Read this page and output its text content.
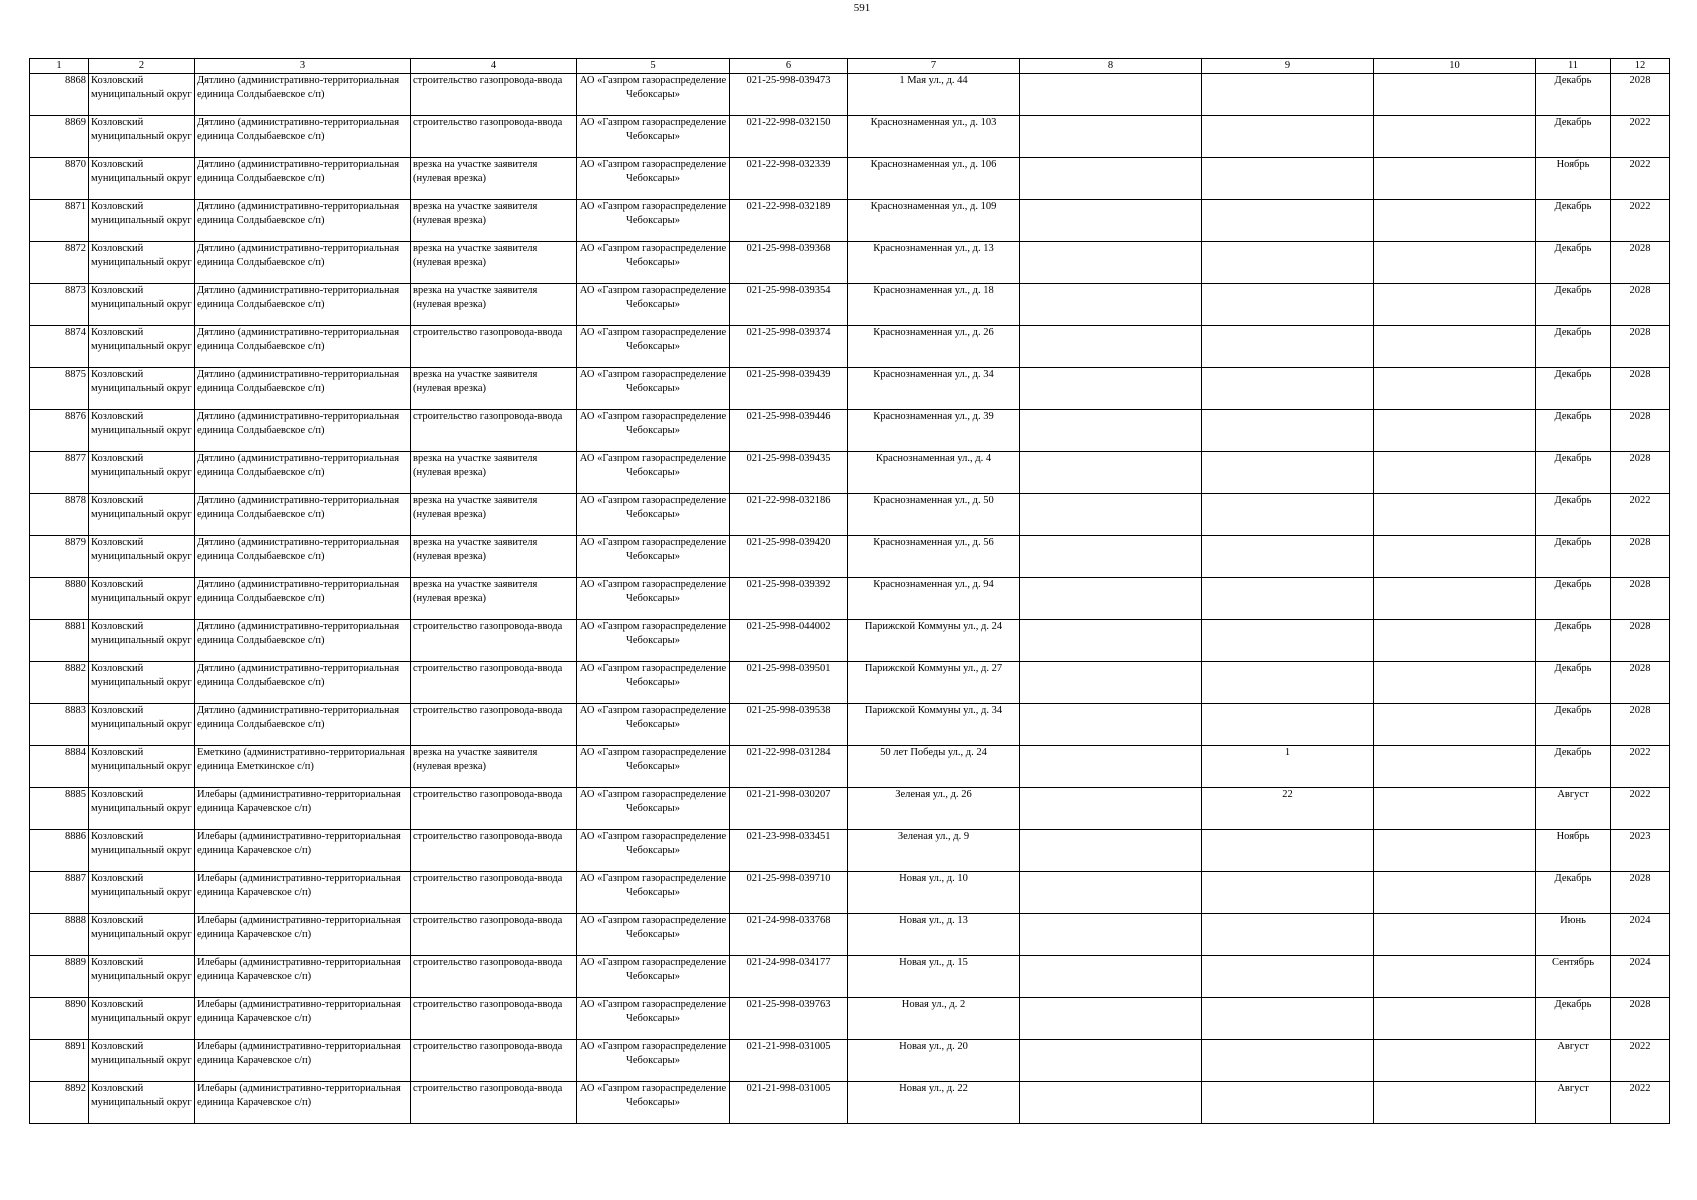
591
1	2	3	4	5	6	7	8	9	10	11	12

8868	Козловский муниципальный округ	Дятлино (административно-территориальная единица Солдыбаевское с/п)	строительство газопровода-ввода	АО «Газпром газораспределение Чебоксары»	021-25-998-039473	1 Мая ул., д. 44				Декабрь	2028

8869	Козловский муниципальный округ	Дятлино (административно-территориальная единица Солдыбаевское с/п)	строительство газопровода-ввода	АО «Газпром газораспределение Чебоксары»	021-22-998-032150	Краснознаменная ул., д. 103				Декабрь	2022

8870	Козловский муниципальный округ	Дятлино (административно-территориальная единица Солдыбаевское с/п)	врезка на участке заявителя (нулевая врезка)	АО «Газпром газораспределение Чебоксары»	021-22-998-032339	Краснознаменная ул., д. 106				Ноябрь	2022

8871	Козловский муниципальный округ	Дятлино (административно-территориальная единица Солдыбаевское с/п)	врезка на участке заявителя (нулевая врезка)	АО «Газпром газораспределение Чебоксары»	021-22-998-032189	Краснознаменная ул., д. 109				Декабрь	2022

8872	Козловский муниципальный округ	Дятлино (административно-территориальная единица Солдыбаевское с/п)	врезка на участке заявителя (нулевая врезка)	АО «Газпром газораспределение Чебоксары»	021-25-998-039368	Краснознаменная ул., д. 13				Декабрь	2028

8873	Козловский муниципальный округ	Дятлино (административно-территориальная единица Солдыбаевское с/п)	врезка на участке заявителя (нулевая врезка)	АО «Газпром газораспределение Чебоксары»	021-25-998-039354	Краснознаменная ул., д. 18				Декабрь	2028

8874	Козловский муниципальный округ	Дятлино (административно-территориальная единица Солдыбаевское с/п)	строительство газопровода-ввода	АО «Газпром газораспределение Чебоксары»	021-25-998-039374	Краснознаменная ул., д. 26				Декабрь	2028

8875	Козловский муниципальный округ	Дятлино (административно-территориальная единица Солдыбаевское с/п)	врезка на участке заявителя (нулевая врезка)	АО «Газпром газораспределение Чебоксары»	021-25-998-039439	Краснознаменная ул., д. 34				Декабрь	2028

8876	Козловский муниципальный округ	Дятлино (административно-территориальная единица Солдыбаевское с/п)	строительство газопровода-ввода	АО «Газпром газораспределение Чебоксары»	021-25-998-039446	Краснознаменная ул., д. 39				Декабрь	2028

8877	Козловский муниципальный округ	Дятлино (административно-территориальная единица Солдыбаевское с/п)	врезка на участке заявителя (нулевая врезка)	АО «Газпром газораспределение Чебоксары»	021-25-998-039435	Краснознаменная ул., д. 4				Декабрь	2028

8878	Козловский муниципальный округ	Дятлино (административно-территориальная единица Солдыбаевское с/п)	врезка на участке заявителя (нулевая врезка)	АО «Газпром газораспределение Чебоксары»	021-22-998-032186	Краснознаменная ул., д. 50				Декабрь	2022

8879	Козловский муниципальный округ	Дятлино (административно-территориальная единица Солдыбаевское с/п)	врезка на участке заявителя (нулевая врезка)	АО «Газпром газораспределение Чебоксары»	021-25-998-039420	Краснознаменная ул., д. 56				Декабрь	2028

8880	Козловский муниципальный округ	Дятлино (административно-территориальная единица Солдыбаевское с/п)	врезка на участке заявителя (нулевая врезка)	АО «Газпром газораспределение Чебоксары»	021-25-998-039392	Краснознаменная ул., д. 94				Декабрь	2028

8881	Козловский муниципальный округ	Дятлино (административно-территориальная единица Солдыбаевское с/п)	строительство газопровода-ввода	АО «Газпром газораспределение Чебоксары»	021-25-998-044002	Парижской Коммуны ул., д. 24				Декабрь	2028

8882	Козловский муниципальный округ	Дятлино (административно-территориальная единица Солдыбаевское с/п)	строительство газопровода-ввода	АО «Газпром газораспределение Чебоксары»	021-25-998-039501	Парижской Коммуны ул., д. 27				Декабрь	2028

8883	Козловский муниципальный округ	Дятлино (административно-территориальная единица Солдыбаевское с/п)	строительство газопровода-ввода	АО «Газпром газораспределение Чебоксары»	021-25-998-039538	Парижской Коммуны ул., д. 34				Декабрь	2028

8884	Козловский муниципальный округ	Еметкино (административно-территориальная единица Еметкинское с/п)	врезка на участке заявителя (нулевая врезка)	АО «Газпром газораспределение Чебоксары»	021-22-998-031284	50 лет Победы ул., д. 24		1		Декабрь	2022

8885	Козловский муниципальный округ	Илебары (административно-территориальная единица Карачевское с/п)	строительство газопровода-ввода	АО «Газпром газораспределение Чебоксары»	021-21-998-030207	Зеленая ул., д. 26		22		Август	2022

8886	Козловский муниципальный округ	Илебары (административно-территориальная единица Карачевское с/п)	строительство газопровода-ввода	АО «Газпром газораспределение Чебоксары»	021-23-998-033451	Зеленая ул., д. 9				Ноябрь	2023

8887	Козловский муниципальный округ	Илебары (административно-территориальная единица Карачевское с/п)	строительство газопровода-ввода	АО «Газпром газораспределение Чебоксары»	021-25-998-039710	Новая ул., д. 10				Декабрь	2028

8888	Козловский муниципальный округ	Илебары (административно-территориальная единица Карачевское с/п)	строительство газопровода-ввода	АО «Газпром газораспределение Чебоксары»	021-24-998-033768	Новая ул., д. 13				Июнь	2024

8889	Козловский муниципальный округ	Илебары (административно-территориальная единица Карачевское с/п)	строительство газопровода-ввода	АО «Газпром газораспределение Чебоксары»	021-24-998-034177	Новая ул., д. 15				Сентябрь	2024

8890	Козловский муниципальный округ	Илебары (административно-территориальная единица Карачевское с/п)	строительство газопровода-ввода	АО «Газпром газораспределение Чебоксары»	021-25-998-039763	Новая ул., д. 2				Декабрь	2028

8891	Козловский муниципальный округ	Илебары (административно-территориальная единица Карачевское с/п)	строительство газопровода-ввода	АО «Газпром газораспределение Чебоксары»	021-21-998-031005	Новая ул., д. 20				Август	2022

8892	Козловский муниципальный округ	Илебары (административно-территориальная единица Карачевское с/п)	строительство газопровода-ввода	АО «Газпром газораспределение Чебоксары»	021-21-998-031005	Новая ул., д. 22				Август	2022
